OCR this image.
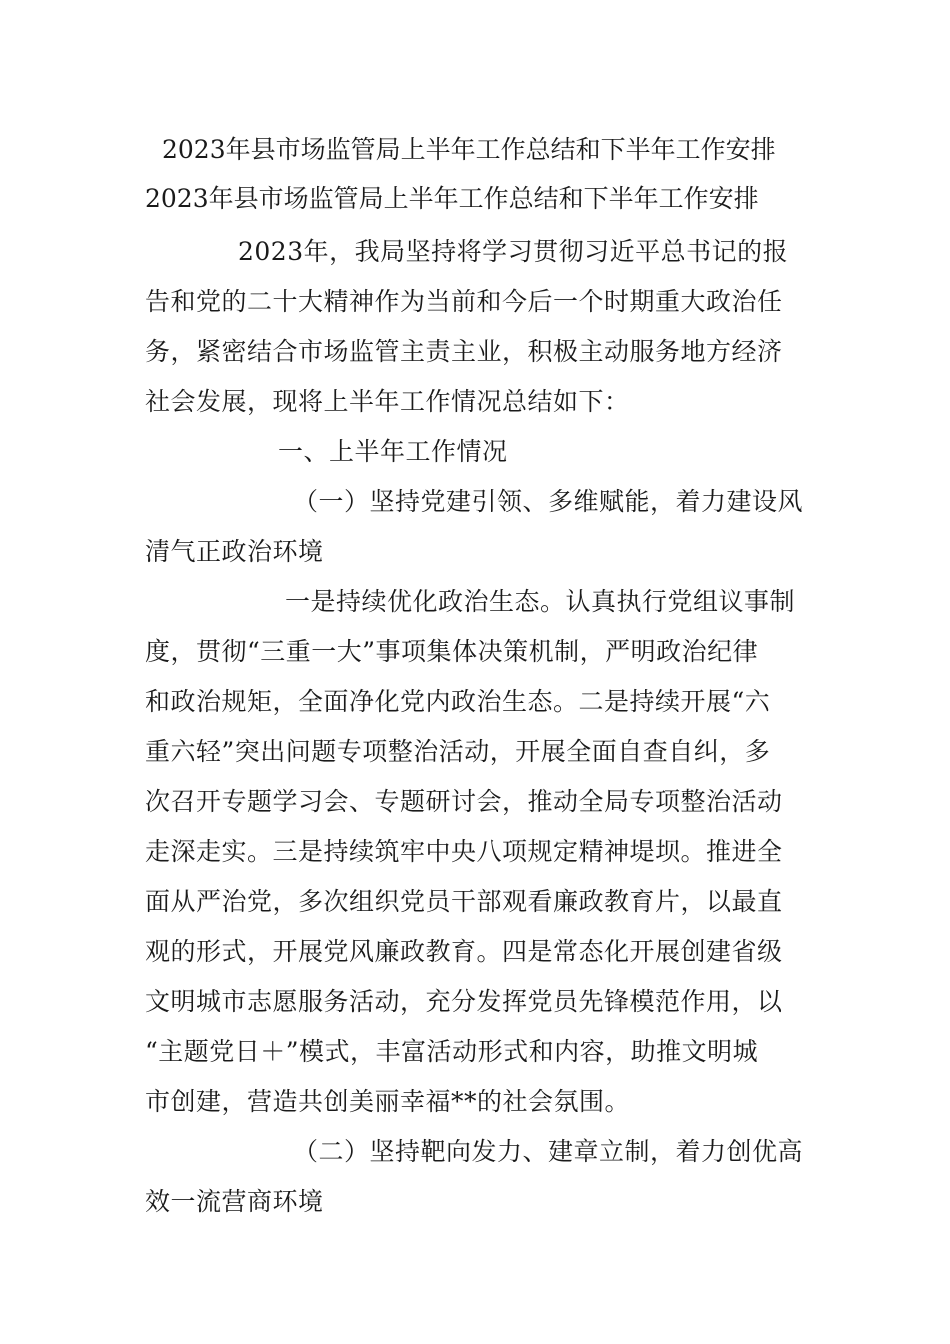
2023年县市场监管局上半年工作总结和下半年工作安排
2023年县市场监管局上半年工作总结和下半年工作安排
2023年，我局坚持将学习贯彻习近平总书记的报
告和党的二十大精神作为当前和今后一个时期重大政治任
务，紧密结合市场监管主责主业，积极主动服务地方经济
社会发展，现将上半年工作情况总结如下：
一、上半年工作情况
（一）坚持党建引领、多维赋能，着力建设风
清气正政治环境
一是持续优化政治生态。认真执行党组议事制
度，贯彻“三重一大”事项集体决策机制，严明政治纪律
和政治规矩，全面净化党内政治生态。二是持续开展“六
重六轻”突出问题专项整治活动，开展全面自查自纠，多
次召开专题学习会、专题研讨会，推动全局专项整治活动
走深走实。三是持续筑牢中央八项规定精神堤坝。推进全
面从严治党，多次组织党员干部观看廉政教育片，以最直
观的形式，开展党风廉政教育。四是常态化开展创建省级
文明城市志愿服务活动，充分发挥党员先锋模范作用，以
“主题党日＋”模式，丰富活动形式和内容，助推文明城
市创建，营造共创美丽幸福**的社会氛围。
（二）坚持靶向发力、建章立制，着力创优高
效一流营商环境
